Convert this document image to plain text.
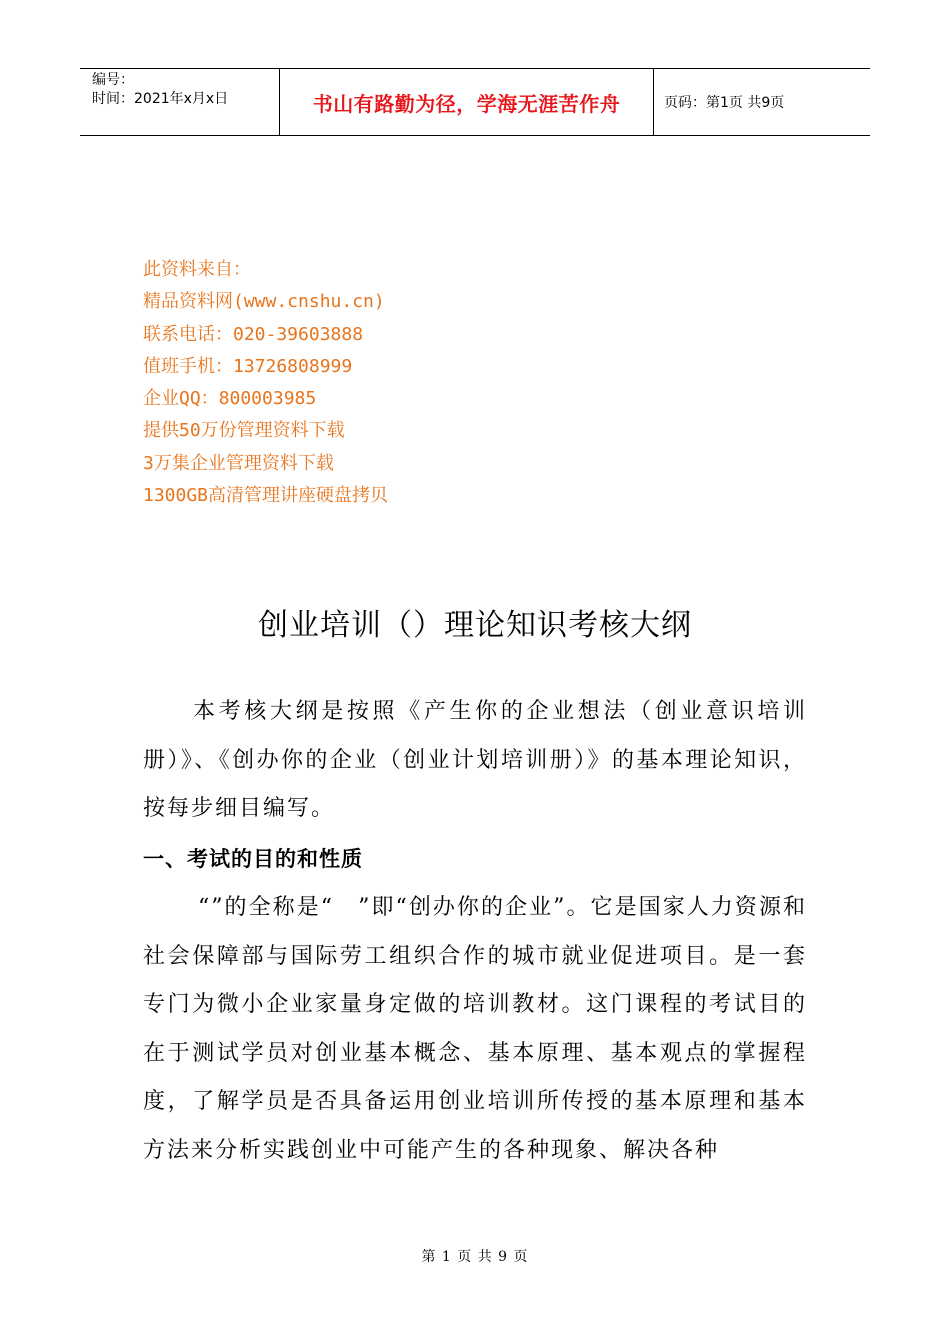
编号：
时间：2021年x月x日	书山有路勤为径，学海无涯苦作舟	页码：第1页 共9页
此资料来自：
精品资料网(www.cnshu.cn)
联系电话：020-39603888
值班手机：13726808999
企业QQ：800003985
提供50万份管理资料下载
3万集企业管理资料下载
1300GB高清管理讲座硬盘拷贝
创业培训（）理论知识考核大纲
本考核大纲是按照《产生你的企业想法（创业意识培训册）》、《创办你的企业（创业计划培训册）》的基本理论知识，按每步细目编写。
一、考试的目的和性质
“”的全称是“　”即“创办你的企业”。它是国家人力资源和社会保障部与国际劳工组织合作的城市就业促进项目。是一套专门为微小企业家量身定做的培训教材。这门课程的考试目的在于测试学员对创业基本概念、基本原理、基本观点的掌握程度，了解学员是否具备运用创业培训所传授的基本原理和基本方法来分析实践创业中可能产生的各种现象、解决各种
第 1 页 共 9 页
